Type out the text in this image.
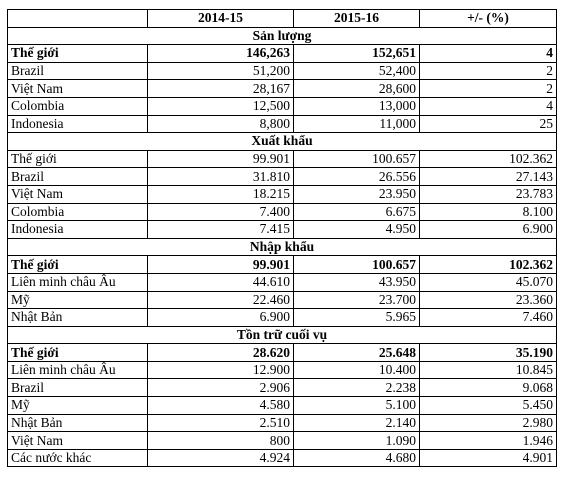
	2014-15	2015-16	+/- (%)
Sản lượng			
Thế giới	146,263	152,651	4
Brazil	51,200	52,400	2
Việt Nam	28,167	28,600	2
Colombia	12,500	13,000	4
Indonesia	8,800	11,000	25
Xuất khẩu			
Thế giới	99.901	100.657	102.362
Brazil	31.810	26.556	27.143
Việt Nam	18.215	23.950	23.783
Colombia	7.400	6.675	8.100
Indonesia	7.415	4.950	6.900
Nhập khẩu			
Thế giới	99.901	100.657	102.362
Liên minh châu Âu	44.610	43.950	45.070
Mỹ	22.460	23.700	23.360
Nhật Bản	6.900	5.965	7.460
Tồn trữ cuối vụ			
Thế giới	28.620	25.648	35.190
Liên minh châu Âu	12.900	10.400	10.845
Brazil	2.906	2.238	9.068
Mỹ	4.580	5.100	5.450
Nhật Bản	2.510	2.140	2.980
Việt Nam	800	1.090	1.946
Các nước khác	4.924	4.680	4.901
